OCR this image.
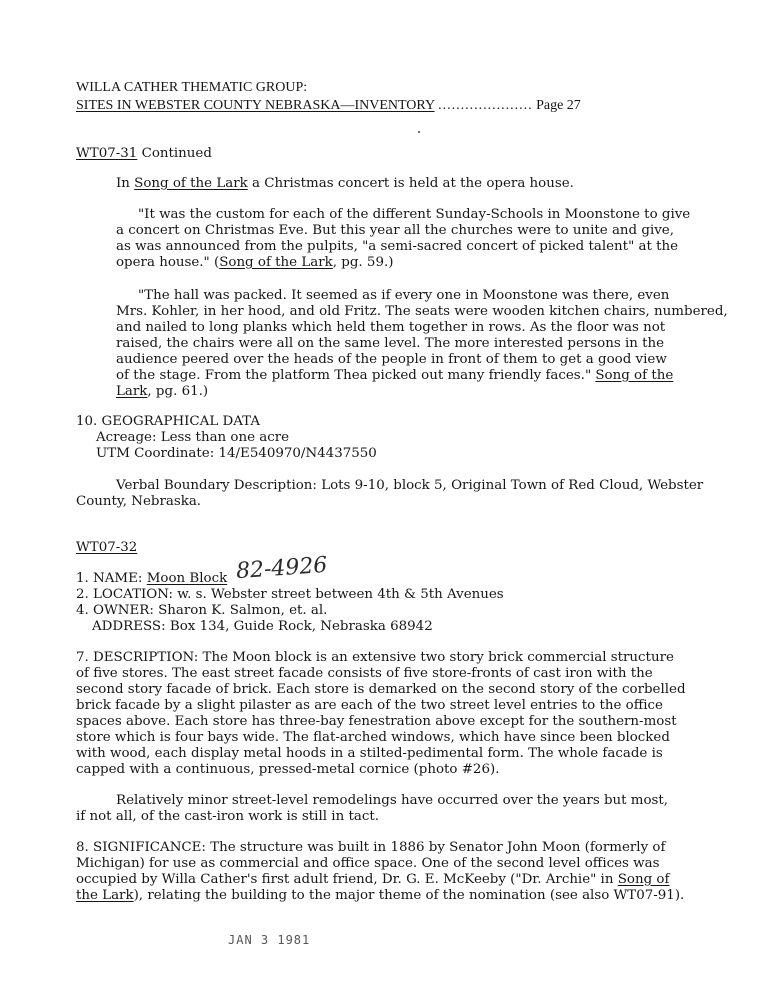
WILLA CATHER THEMATIC GROUP:
SITES IN WEBSTER COUNTY NEBRASKA—INVENTORY ..................... Page 27
WT07-31 Continued
In Song of the Lark a Christmas concert is held at the opera house.
"It was the custom for each of the different Sunday-Schools in Moonstone to give
a concert on Christmas Eve. But this year all the churches were to unite and give,
as was announced from the pulpits, "a semi-sacred concert of picked talent" at the
opera house." (Song of the Lark, pg. 59.)
"The hall was packed. It seemed as if every one in Moonstone was there, even
Mrs. Kohler, in her hood, and old Fritz. The seats were wooden kitchen chairs, numbered,
and nailed to long planks which held them together in rows. As the floor was not
raised, the chairs were all on the same level. The more interested persons in the
audience peered over the heads of the people in front of them to get a good view
of the stage. From the platform Thea picked out many friendly faces." Song of the
Lark, pg. 61.)
10. GEOGRAPHICAL DATA
Acreage: Less than one acre
UTM Coordinate: 14/E540970/N4437550
Verbal Boundary Description: Lots 9-10, block 5, Original Town of Red Cloud, Webster
County, Nebraska.
WT07-32
1. NAME: Moon Block 82-4926
2. LOCATION: w. s. Webster street between 4th & 5th Avenues
4. OWNER: Sharon K. Salmon, et. al.
ADDRESS: Box 134, Guide Rock, Nebraska 68942
7. DESCRIPTION: The Moon block is an extensive two story brick commercial structure
of five stores. The east street facade consists of five store-fronts of cast iron with the
second story facade of brick. Each store is demarked on the second story of the corbelled
brick facade by a slight pilaster as are each of the two street level entries to the office
spaces above. Each store has three-bay fenestration above except for the southern-most
store which is four bays wide. The flat-arched windows, which have since been blocked
with wood, each display metal hoods in a stilted-pedimental form. The whole facade is
capped with a continuous, pressed-metal cornice (photo #26).
Relatively minor street-level remodelings have occurred over the years but most,
if not all, of the cast-iron work is still in tact.
8. SIGNIFICANCE: The structure was built in 1886 by Senator John Moon (formerly of
Michigan) for use as commercial and office space. One of the second level offices was
occupied by Willa Cather's first adult friend, Dr. G. E. McKeeby ("Dr. Archie" in Song of
the Lark), relating the building to the major theme of the nomination (see also WT07-91).
JAN 3 1981
